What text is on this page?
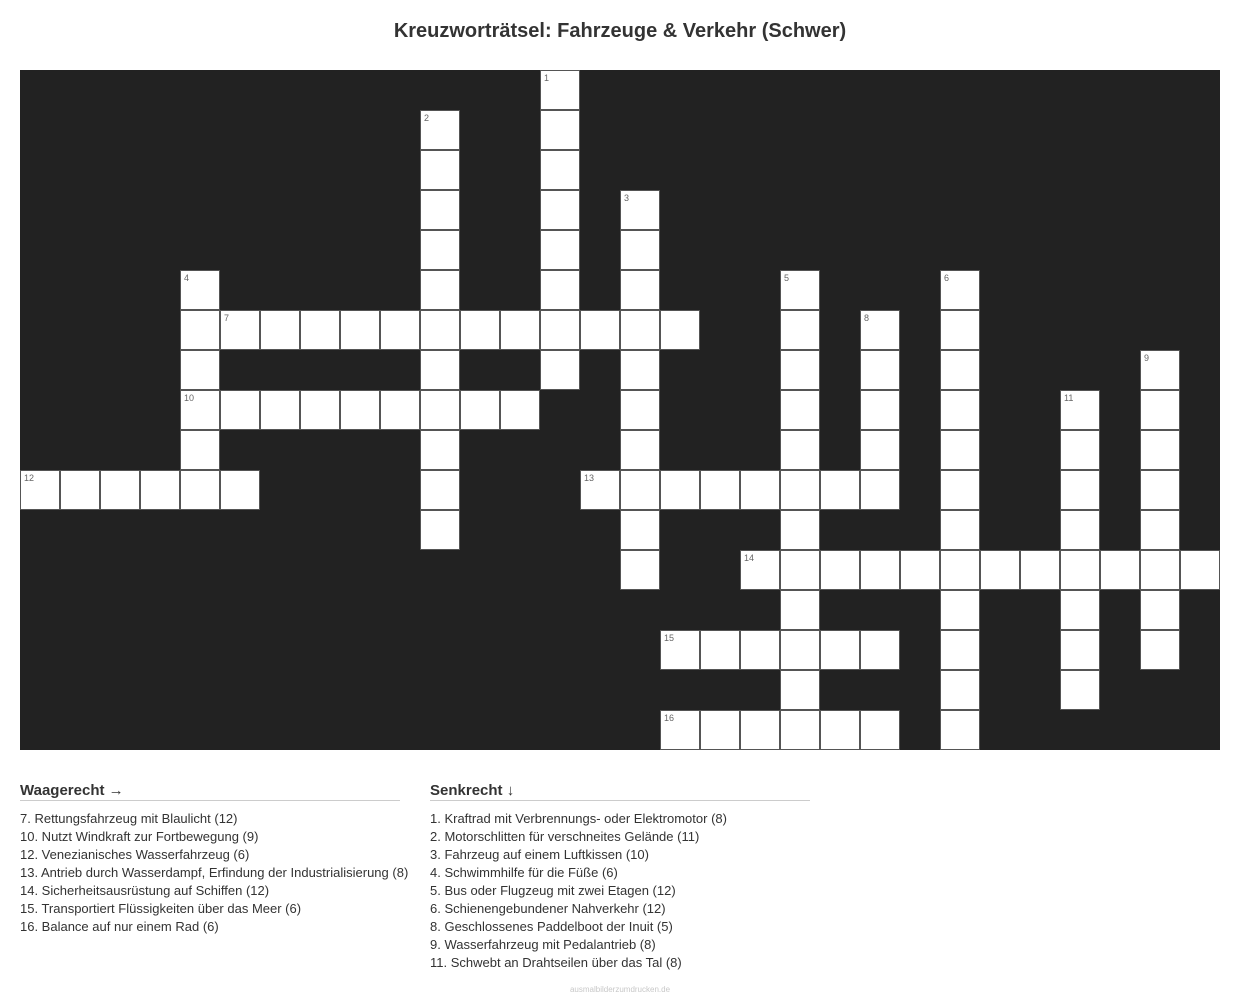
Kreuzworträtsel: Fahrzeuge & Verkehr (Schwer)
1
2
3
4	5	6
7	8
9
10	11
12	13
14
15
16
Waagerecht →
7. Rettungsfahrzeug mit Blaulicht (12)
10. Nutzt Windkraft zur Fortbewegung (9)
12. Venezianisches Wasserfahrzeug (6)
13. Antrieb durch Wasserdampf, Erfindung der Industrialisierung (8)
14. Sicherheitsausrüstung auf Schiffen (12)
15. Transportiert Flüssigkeiten über das Meer (6)
16. Balance auf nur einem Rad (6)
Senkrecht ↓
1. Kraftrad mit Verbrennungs- oder Elektromotor (8)
2. Motorschlitten für verschneites Gelände (11)
3. Fahrzeug auf einem Luftkissen (10)
4. Schwimmhilfe für die Füße (6)
5. Bus oder Flugzeug mit zwei Etagen (12)
6. Schienengebundener Nahverkehr (12)
8. Geschlossenes Paddelboot der Inuit (5)
9. Wasserfahrzeug mit Pedalantrieb (8)
11. Schwebt an Drahtseilen über das Tal (8)
ausmalbilderzumdrucken.de
